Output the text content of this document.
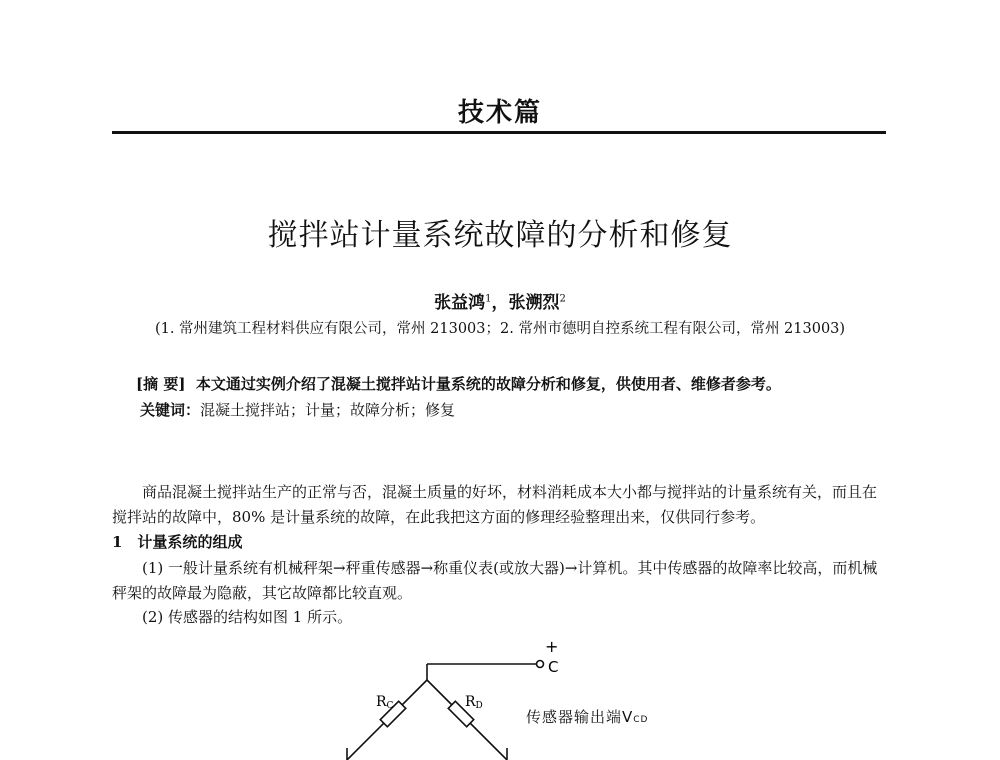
技术篇
搅拌站计量系统故障的分析和修复
张益鸿$^1$，张溯烈$^2$
(1. 常州建筑工程材料供应有限公司，常州 213003；2. 常州市德明自控系统工程有限公司，常州 213003)
[摘 要] 本文通过实例介绍了混凝土搅拌站计量系统的故障分析和修复，供使用者、维修者参考。
关键词：混凝土搅拌站；计量；故障分析；修复
商品混凝土搅拌站生产的正常与否，混凝土质量的好坏，材料消耗成本大小都与搅拌站的计量系统有关，而且在搅拌站的故障中，80% 是计量系统的故障，在此我把这方面的修理经验整理出来，仅供同行参考。
1　计量系统的组成
(1) 一般计量系统有机械秤架→秤重传感器→称重仪表(或放大器)→计算机。其中传感器的故障率比较高，而机械秤架的故障最为隐蔽，其它故障都比较直观。
(2) 传感器的结构如图 1 所示。
+
C
RC	RD
传感器输出端VCD
